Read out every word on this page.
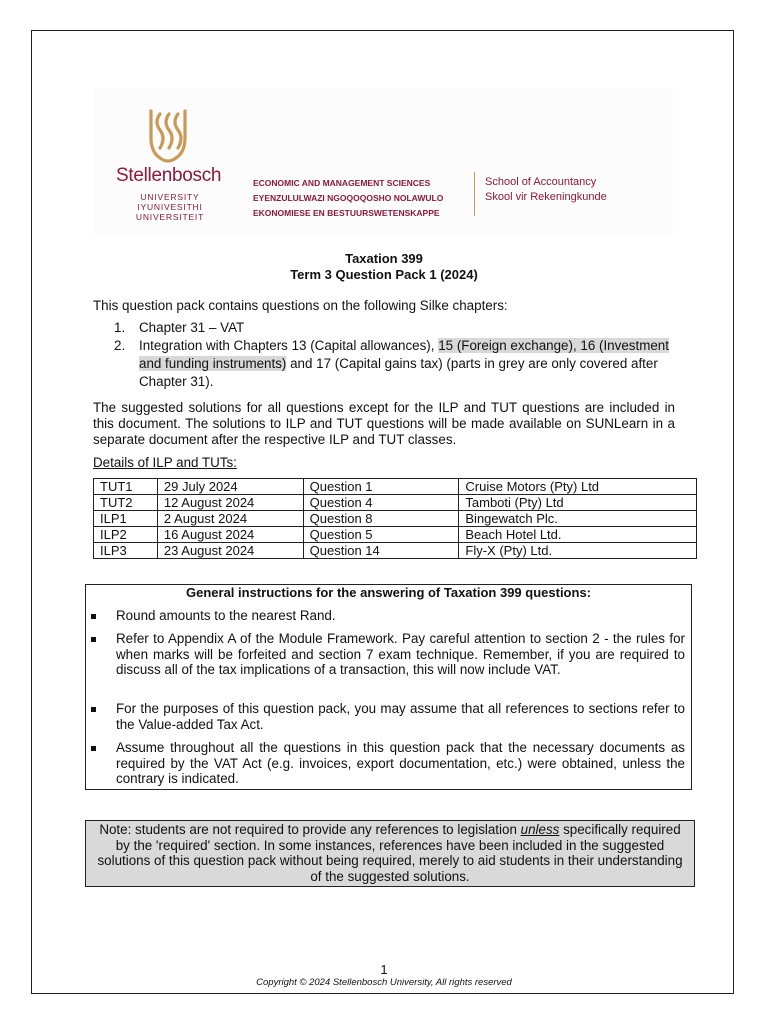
Stellenbosch
UNIVERSITY
IYUNIVESITHI
UNIVERSITEIT
ECONOMIC AND MANAGEMENT SCIENCES
EYENZULULWAZI NGOQOQOSHO NOLAWULO
EKONOMIESE EN BESTUURSWETENSKAPPE
School of Accountancy
Skool vir Rekeningkunde
Taxation 399
Term 3 Question Pack 1 (2024)
This question pack contains questions on the following Silke chapters:
1. Chapter 31 – VAT
2. Integration with Chapters 13 (Capital allowances), 15 (Foreign exchange), 16 (Investment and funding instruments) and 17 (Capital gains tax) (parts in grey are only covered after Chapter 31).
The suggested solutions for all questions except for the ILP and TUT questions are included in this document. The solutions to ILP and TUT questions will be made available on SUNLearn in a separate document after the respective ILP and TUT classes.
Details of ILP and TUTs:
TUT1	29 July 2024	Question 1	Cruise Motors (Pty) Ltd
TUT2	12 August 2024	Question 4	Tamboti (Pty) Ltd
ILP1	2 August 2024	Question 8	Bingewatch Plc.
ILP2	16 August 2024	Question 5	Beach Hotel Ltd.
ILP3	23 August 2024	Question 14	Fly-X (Pty) Ltd.
General instructions for the answering of Taxation 399 questions:
Round amounts to the nearest Rand.
Refer to Appendix A of the Module Framework. Pay careful attention to section 2 - the rules for when marks will be forfeited and section 7 exam technique. Remember, if you are required to discuss all of the tax implications of a transaction, this will now include VAT.
For the purposes of this question pack, you may assume that all references to sections refer to the Value-added Tax Act.
Assume throughout all the questions in this question pack that the necessary documents as required by the VAT Act (e.g. invoices, export documentation, etc.) were obtained, unless the contrary is indicated.
Note: students are not required to provide any references to legislation unless specifically required by the 'required' section. In some instances, references have been included in the suggested solutions of this question pack without being required, merely to aid students in their understanding of the suggested solutions.
1
Copyright © 2024 Stellenbosch University, All rights reserved
